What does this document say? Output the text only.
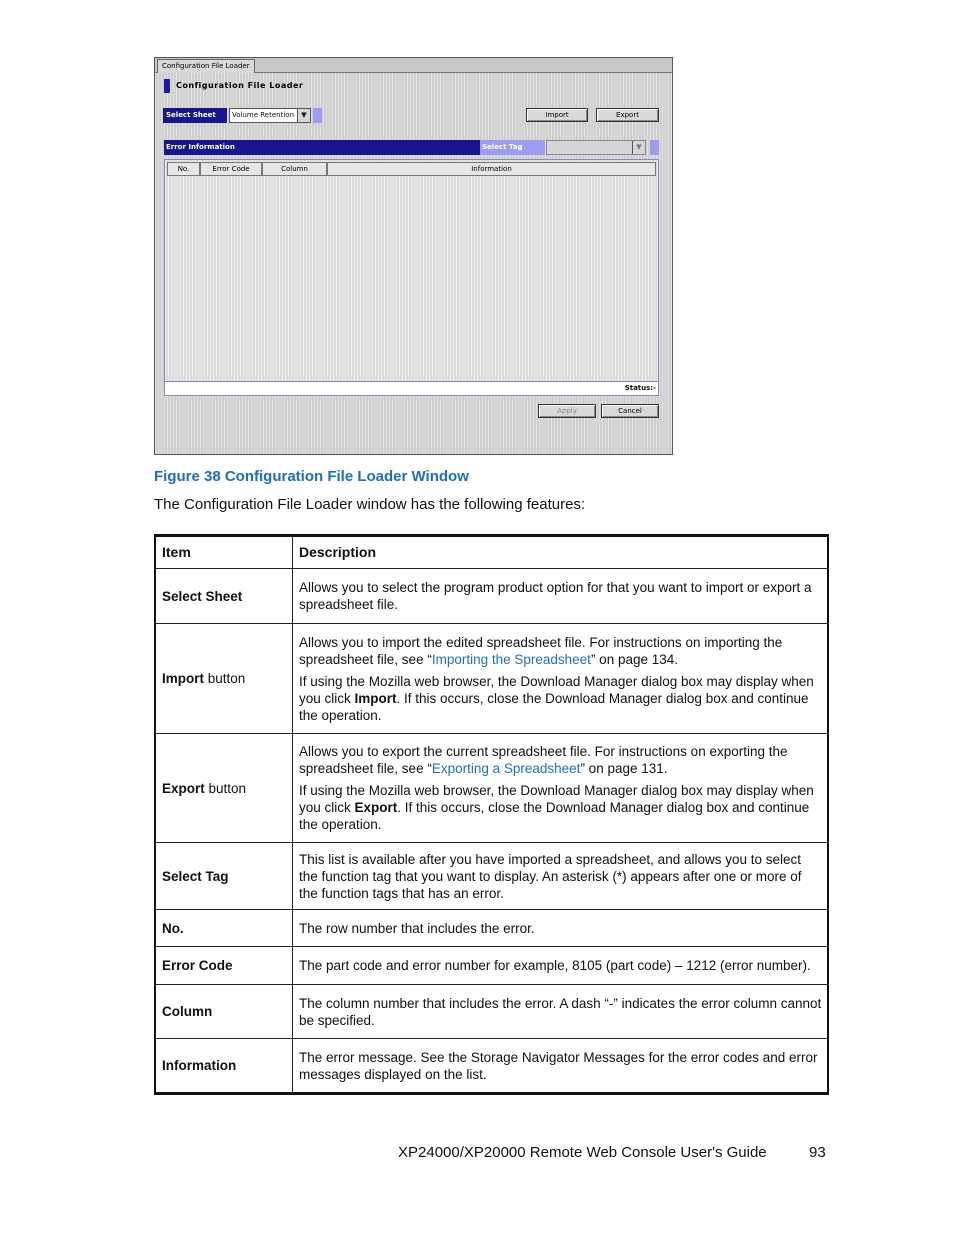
Configuration File Loader
Configuration File Loader
Select Sheet	Volume Retention	▼	Import	Export
Error Information	Select Tag	▼
No.	Error Code	Column	Information
Status:-
Apply	Cancel
Figure 38 Configuration File Loader Window
The Configuration File Loader window has the following features:
Item	Description
Select Sheet	Allows you to select the program product option for that you want to import or export a spreadsheet file.

Import button	Allows you to import the edited spreadsheet file. For instructions on importing the spreadsheet file, see “Importing the Spreadsheet” on page 134.
If using the Mozilla web browser, the Download Manager dialog box may display when you click Import. If this occurs, close the Download Manager dialog box and continue the operation.

Export button	Allows you to export the current spreadsheet file. For instructions on exporting the spreadsheet file, see “Exporting a Spreadsheet” on page 131.
If using the Mozilla web browser, the Download Manager dialog box may display when you click Export. If this occurs, close the Download Manager dialog box and continue the operation.

Select Tag	This list is available after you have imported a spreadsheet, and allows you to select the function tag that you want to display. An asterisk (*) appears after one or more of the function tags that has an error.

No.	The row number that includes the error.

Error Code	The part code and error number for example, 8105 (part code) – 1212 (error number).

Column	The column number that includes the error. A dash “-” indicates the error column cannot be specified.

Information	The error message. See the Storage Navigator Messages for the error codes and error messages displayed on the list.
XP24000/XP20000 Remote Web Console User's Guide	93
